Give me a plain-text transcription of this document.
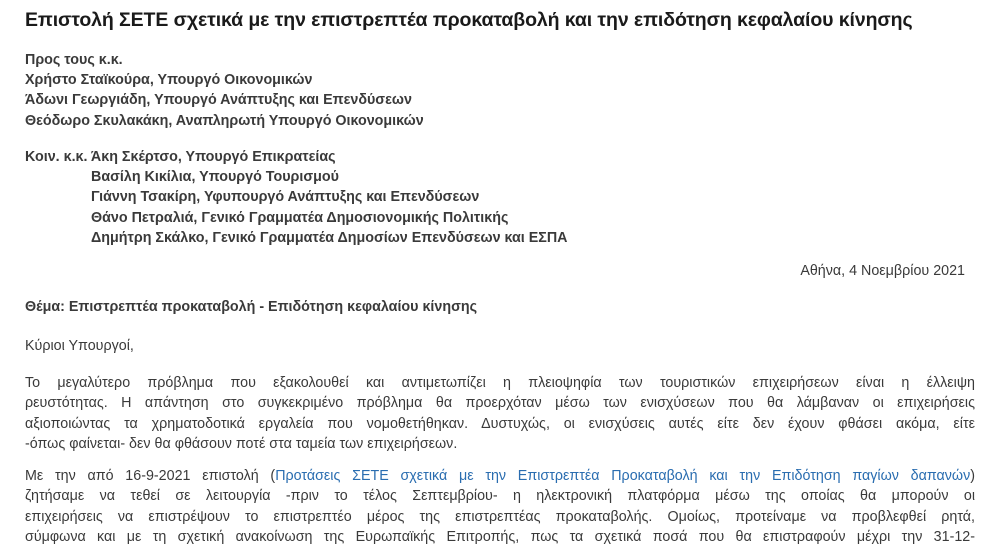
Επιστολή ΣΕΤΕ σχετικά με την επιστρεπτέα προκαταβολή και την επιδότηση κεφαλαίου κίνησης
Προς τους κ.κ.
Χρήστο Σταϊκούρα, Υπουργό Οικονομικών
Άδωνι Γεωργιάδη, Υπουργό Ανάπτυξης και Επενδύσεων
Θεόδωρο Σκυλακάκη, Αναπληρωτή Υπουργό Οικονομικών
Κοιν. κ.κ. Άκη Σκέρτσο, Υπουργό Επικρατείας
Βασίλη Κικίλια, Υπουργό Τουρισμού
Γιάννη Τσακίρη, Υφυπουργό Ανάπτυξης και Επενδύσεων
Θάνο Πετραλιά, Γενικό Γραμματέα Δημοσιονομικής Πολιτικής
Δημήτρη Σκάλκο, Γενικό Γραμματέα Δημοσίων Επενδύσεων και ΕΣΠΑ
Αθήνα, 4 Νοεμβρίου 2021
Θέμα: Επιστρεπτέα προκαταβολή - Επιδότηση κεφαλαίου κίνησης
Κύριοι Υπουργοί,
Το μεγαλύτερο πρόβλημα που εξακολουθεί και αντιμετωπίζει η πλειοψηφία των τουριστικών επιχειρήσεων είναι η έλλειψη
ρευστότητας. Η απάντηση στο συγκεκριμένο πρόβλημα θα προερχόταν μέσω των ενισχύσεων που θα λάμβαναν οι επιχειρήσεις
αξιοποιώντας τα χρηματοδοτικά εργαλεία που νομοθετήθηκαν. Δυστυχώς, οι ενισχύσεις αυτές είτε δεν έχουν φθάσει ακόμα, είτε
-όπως φαίνεται- δεν θα φθάσουν ποτέ στα ταμεία των επιχειρήσεων.
Με την από 16-9-2021 επιστολή (Προτάσεις ΣΕΤΕ σχετικά με την Επιστρεπτέα Προκαταβολή και την Επιδότηση παγίων δαπανών)
ζητήσαμε να τεθεί σε λειτουργία -πριν το τέλος Σεπτεμβρίου- η ηλεκτρονική πλατφόρμα μέσω της οποίας θα μπορούν οι
επιχειρήσεις να επιστρέψουν το επιστρεπτέο μέρος της επιστρεπτέας προκαταβολής. Ομοίως, προτείναμε να προβλεφθεί ρητά,
σύμφωνα και με τη σχετική ανακοίνωση της Ευρωπαϊκής Επιτροπής, πως τα σχετικά ποσά που θα επιστραφούν μέχρι την 31-12-
